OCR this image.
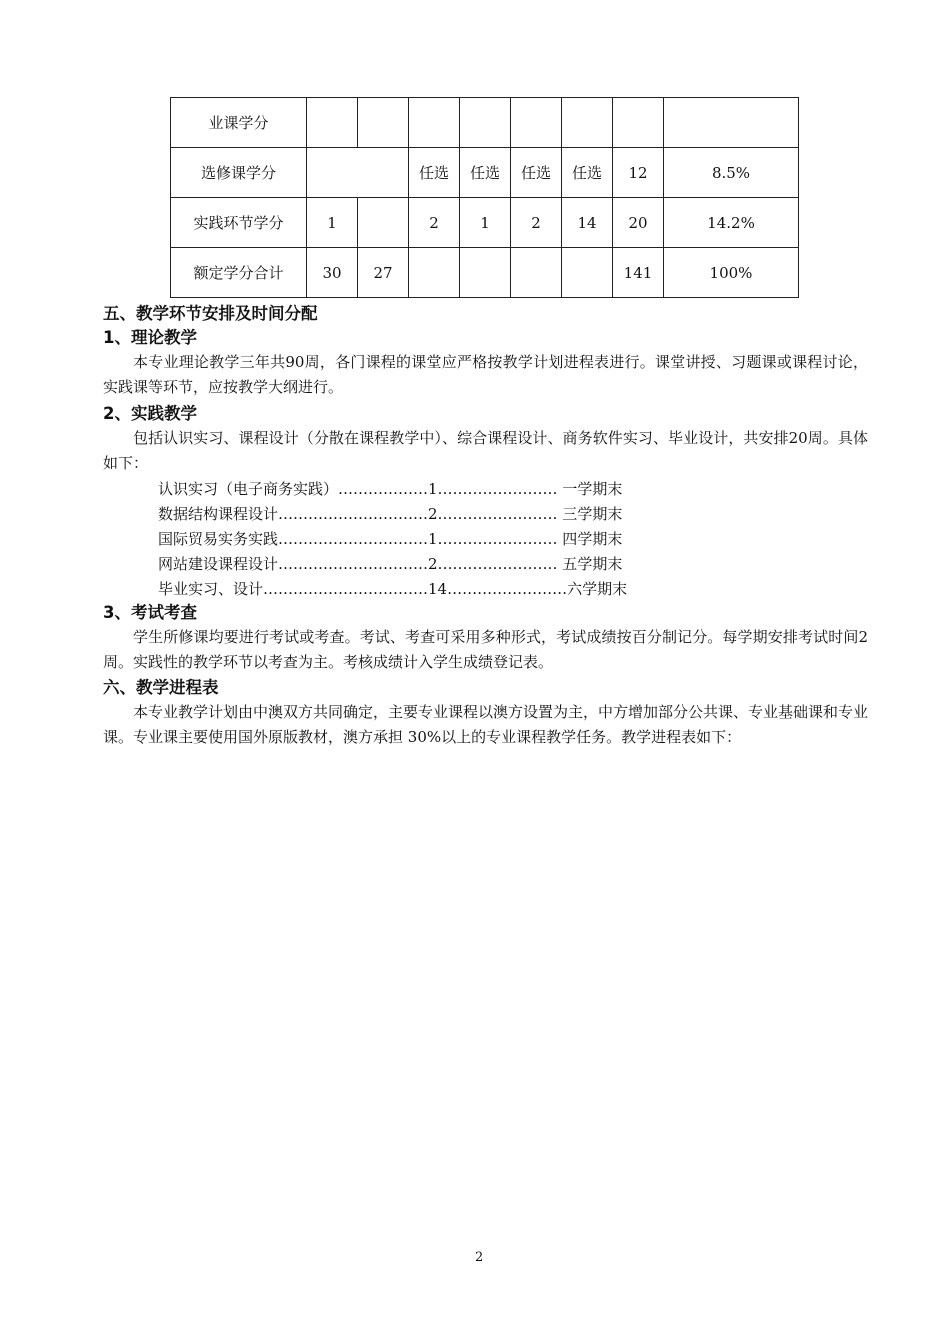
业课学分								
选修课学分			任选	任选	任选	任选	12	8.5%
实践环节学分	1		2	1	2	14	20	14.2%
额定学分合计	30	27					141	100%
五、教学环节安排及时间分配
1、理论教学
本专业理论教学三年共90周，各门课程的课堂应严格按教学计划进程表进行。课堂讲授、习题课或课程讨论，实践课等环节，应按教学大纲进行。
2、实践教学
包括认识实习、课程设计（分散在课程教学中）、综合课程设计、商务软件实习、毕业设计，共安排20周。具体如下：
认识实习（电子商务实践）………………1…………………… 一学期末
数据结构课程设计…………………………2…………………… 三学期末
国际贸易实务实践…………………………1…………………… 四学期末
网站建设课程设计…………………………2…………………… 五学期末
毕业实习、设计……………………………14……………………六学期末
3、考试考查
学生所修课均要进行考试或考查。考试、考查可采用多种形式，考试成绩按百分制记分。每学期安排考试时间2周。实践性的教学环节以考查为主。考核成绩计入学生成绩登记表。
六、教学进程表
本专业教学计划由中澳双方共同确定，主要专业课程以澳方设置为主，中方增加部分公共课、专业基础课和专业课。专业课主要使用国外原版教材，澳方承担 30%以上的专业课程教学任务。教学进程表如下：
2
